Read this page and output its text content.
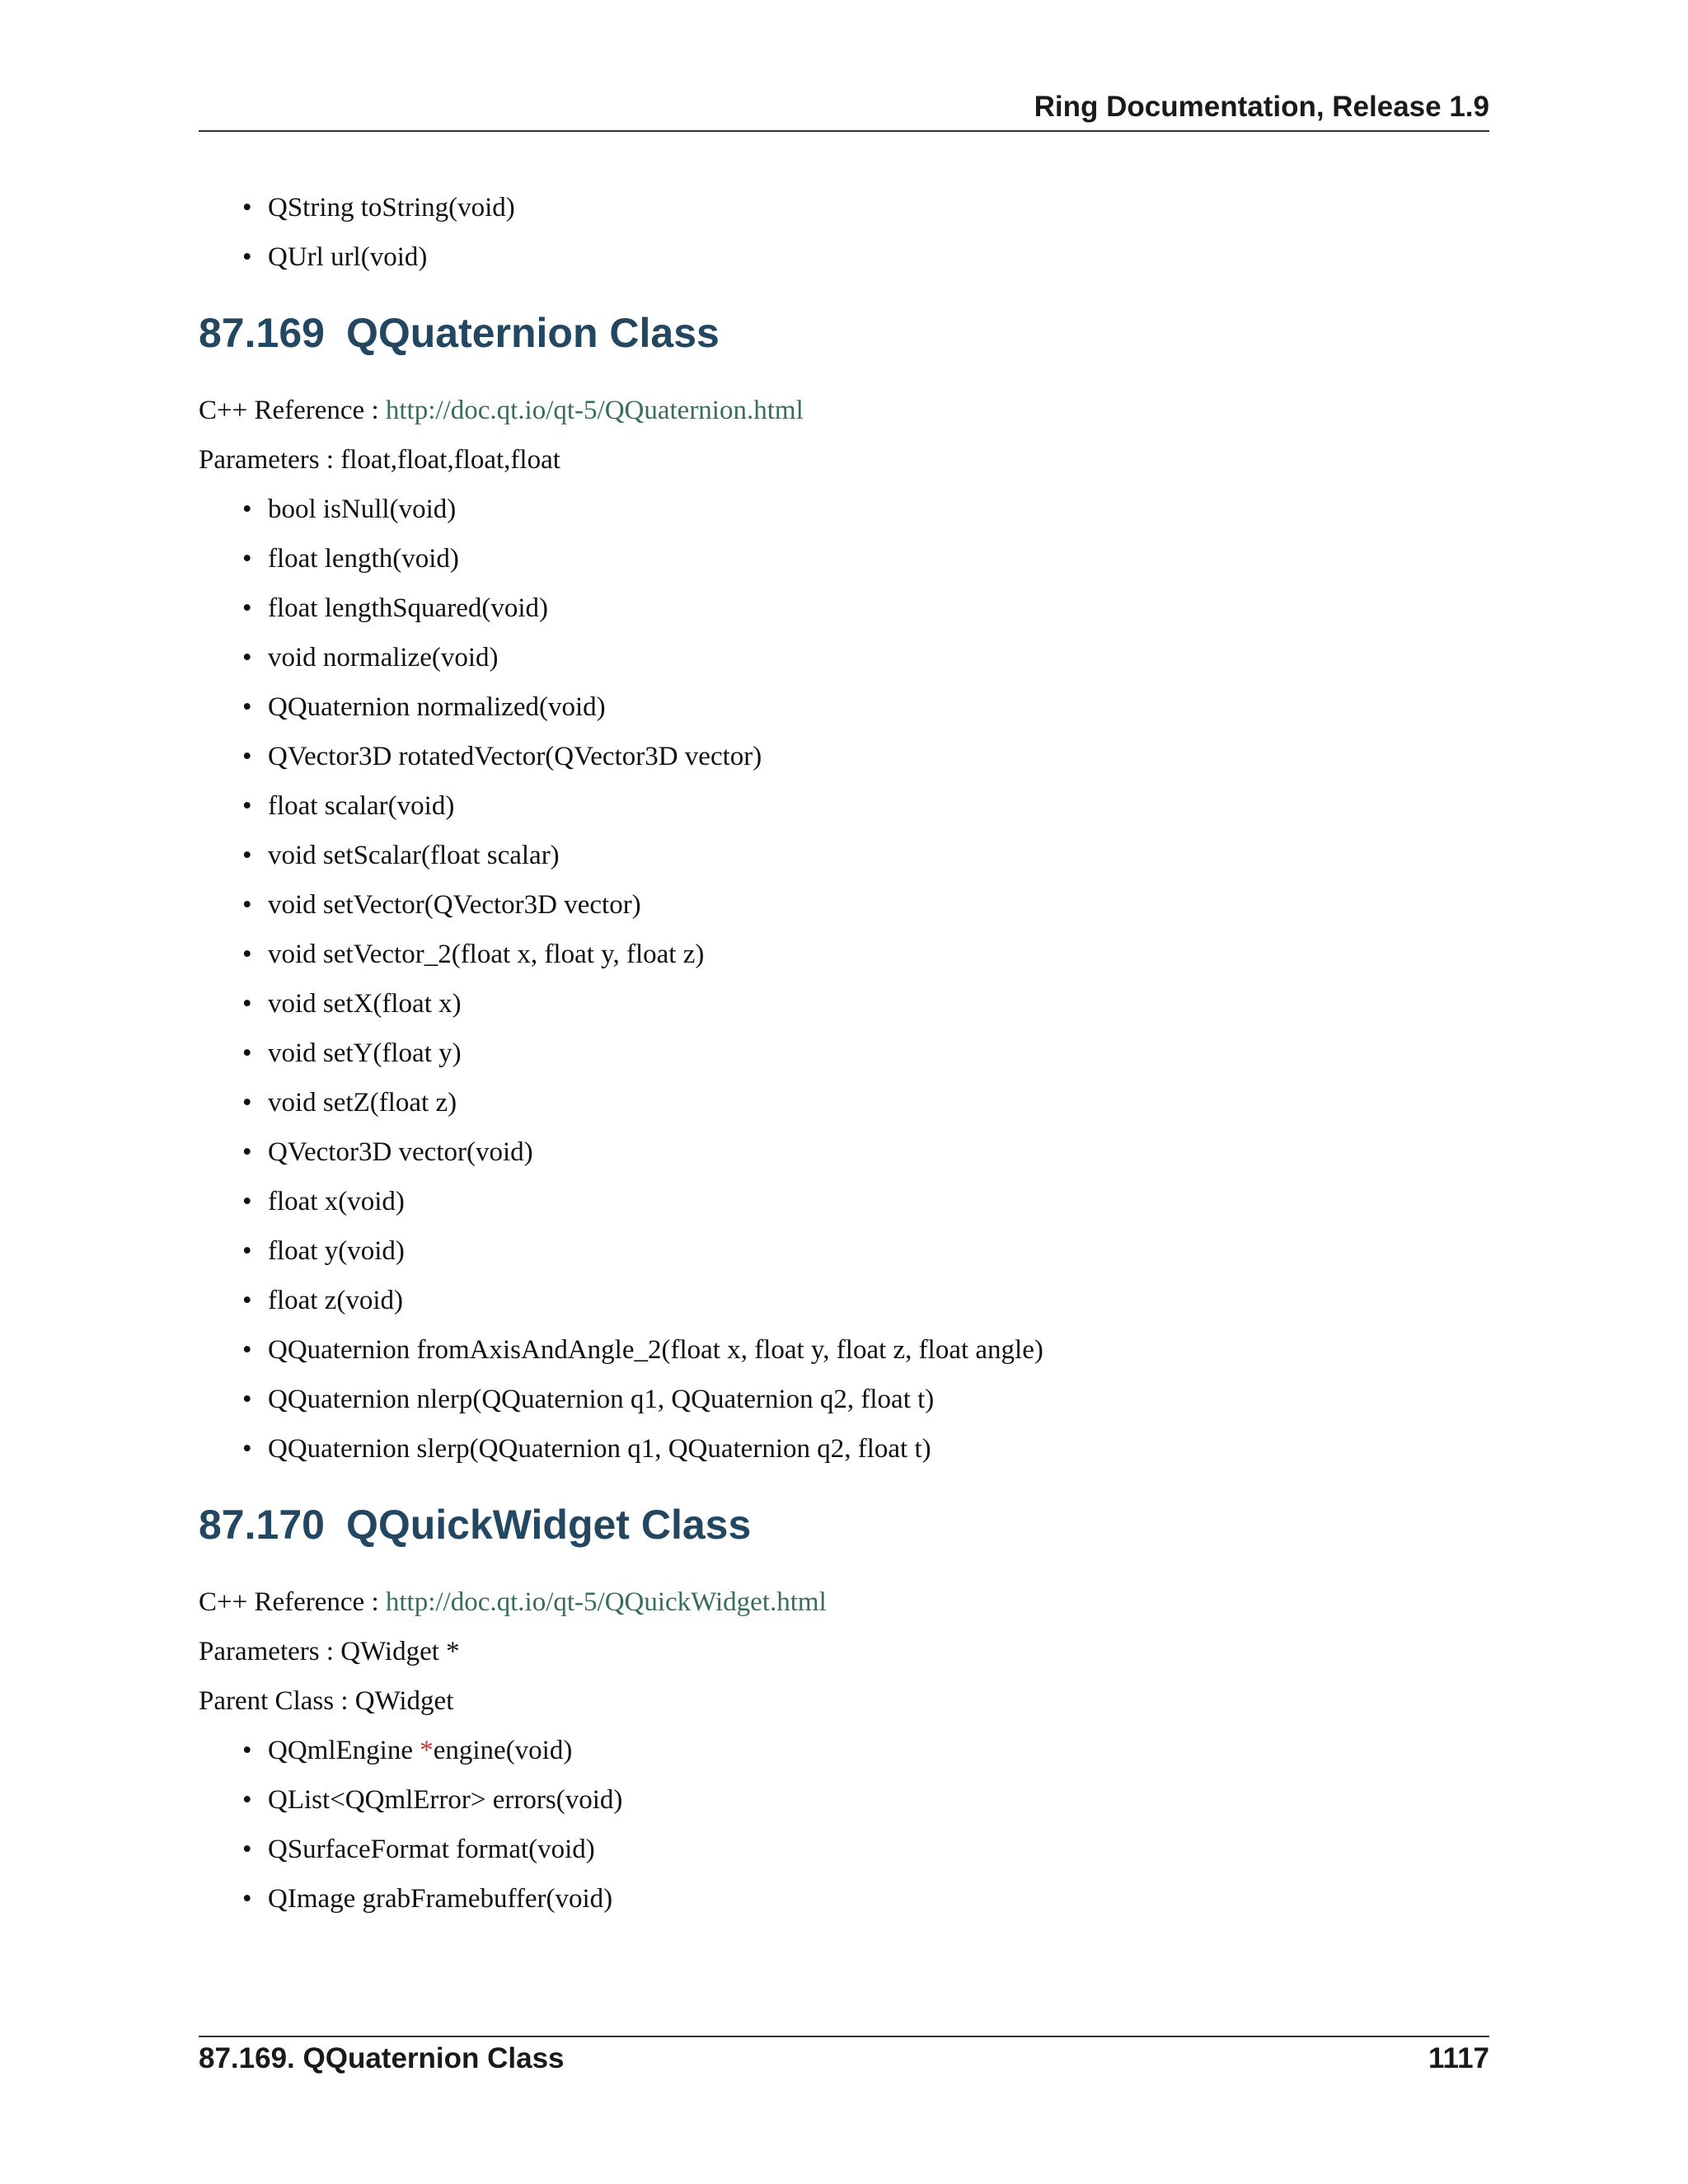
Ring Documentation, Release 1.9
• QString toString(void)
• QUrl url(void)
87.169 QQuaternion Class

C++ Reference : http://doc.qt.io/qt-5/QQuaternion.html

Parameters : float,float,float,float

• bool isNull(void)
• float length(void)
• float lengthSquared(void)
• void normalize(void)
• QQuaternion normalized(void)
• QVector3D rotatedVector(QVector3D vector)
• float scalar(void)
• void setScalar(float scalar)
• void setVector(QVector3D vector)
• void setVector_2(float x, float y, float z)
• void setX(float x)
• void setY(float y)
• void setZ(float z)
• QVector3D vector(void)
• float x(void)
• float y(void)
• float z(void)
• QQuaternion fromAxisAndAngle_2(float x, float y, float z, float angle)
• QQuaternion nlerp(QQuaternion q1, QQuaternion q2, float t)
• QQuaternion slerp(QQuaternion q1, QQuaternion q2, float t)
87.170 QQuickWidget Class

C++ Reference : http://doc.qt.io/qt-5/QQuickWidget.html

Parameters : QWidget *

Parent Class : QWidget

• QQmlEngine *engine(void)
• QList<QQmlError> errors(void)
• QSurfaceFormat format(void)
• QImage grabFramebuffer(void)
87.169. QQuaternion Class	1117
